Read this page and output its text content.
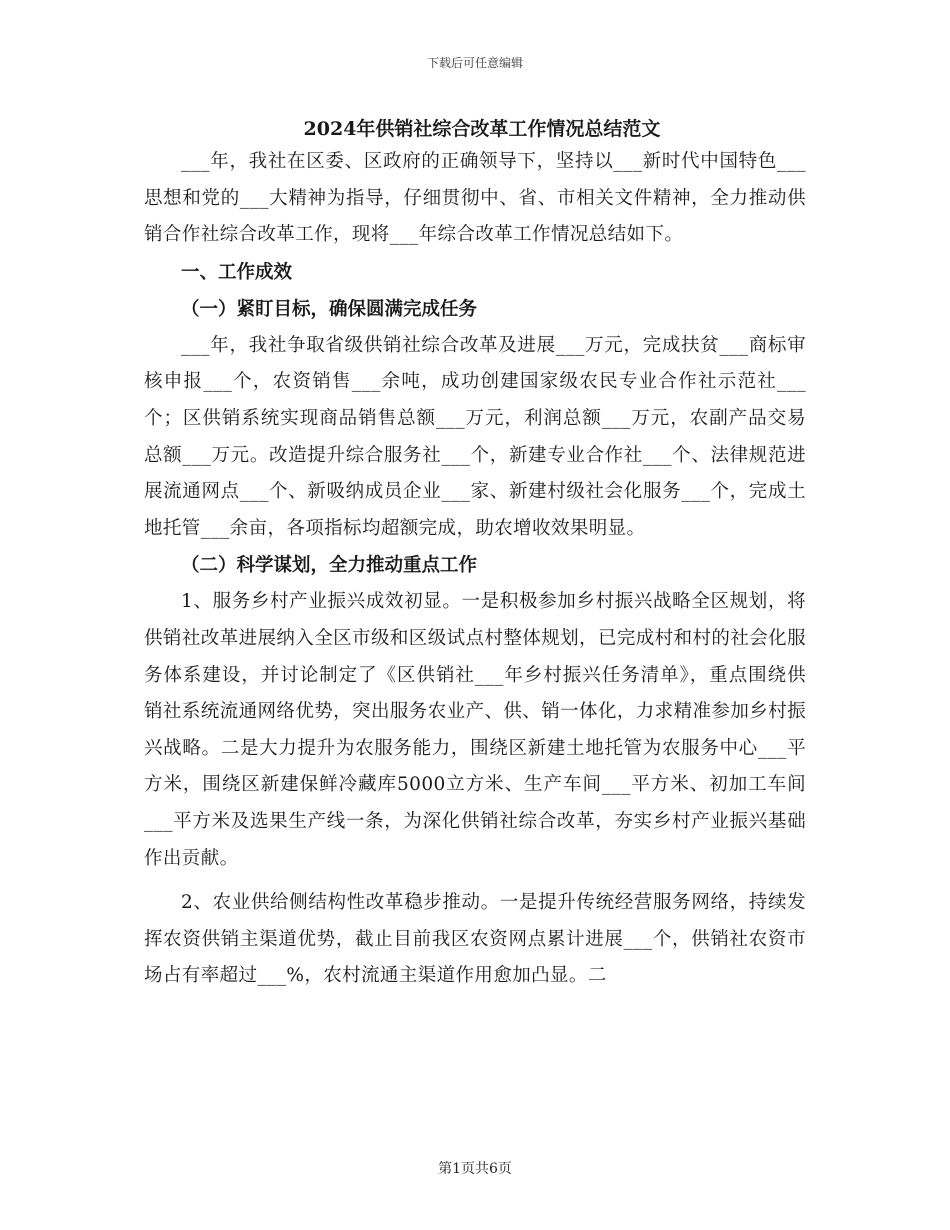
下载后可任意编辑
2024年供销社综合改革工作情况总结范文

___年，我社在区委、区政府的正确领导下，坚持以___新时代中国特色___思想和党的___大精神为指导，仔细贯彻中、省、市相关文件精神，全力推动供销合作社综合改革工作，现将___年综合改革工作情况总结如下。

一、工作成效

（一）紧盯目标，确保圆满完成任务

___年，我社争取省级供销社综合改革及进展___万元，完成扶贫___商标审核申报___个，农资销售___余吨，成功创建国家级农民专业合作社示范社___个；区供销系统实现商品销售总额___万元，利润总额___万元，农副产品交易总额___万元。改造提升综合服务社___个，新建专业合作社___个、法律规范进展流通网点___个、新吸纳成员企业___家、新建村级社会化服务___个，完成土地托管___余亩，各项指标均超额完成，助农增收效果明显。

（二）科学谋划，全力推动重点工作

1、服务乡村产业振兴成效初显。一是积极参加乡村振兴战略全区规划，将供销社改革进展纳入全区市级和区级试点村整体规划，已完成村和村的社会化服务体系建设，并讨论制定了《区供销社___年乡村振兴任务清单》，重点围绕供销社系统流通网络优势，突出服务农业产、供、销一体化，力求精准参加乡村振兴战略。二是大力提升为农服务能力，围绕区新建土地托管为农服务中心___平方米，围绕区新建保鲜冷藏库5000立方米、生产车间___平方米、初加工车间___平方米及选果生产线一条，为深化供销社综合改革，夯实乡村产业振兴基础作出贡献。

2、农业供给侧结构性改革稳步推动。一是提升传统经营服务网络，持续发挥农资供销主渠道优势，截止目前我区农资网点累计进展___个，供销社农资市场占有率超过___%，农村流通主渠道作用愈加凸显。二

第1页共6页
